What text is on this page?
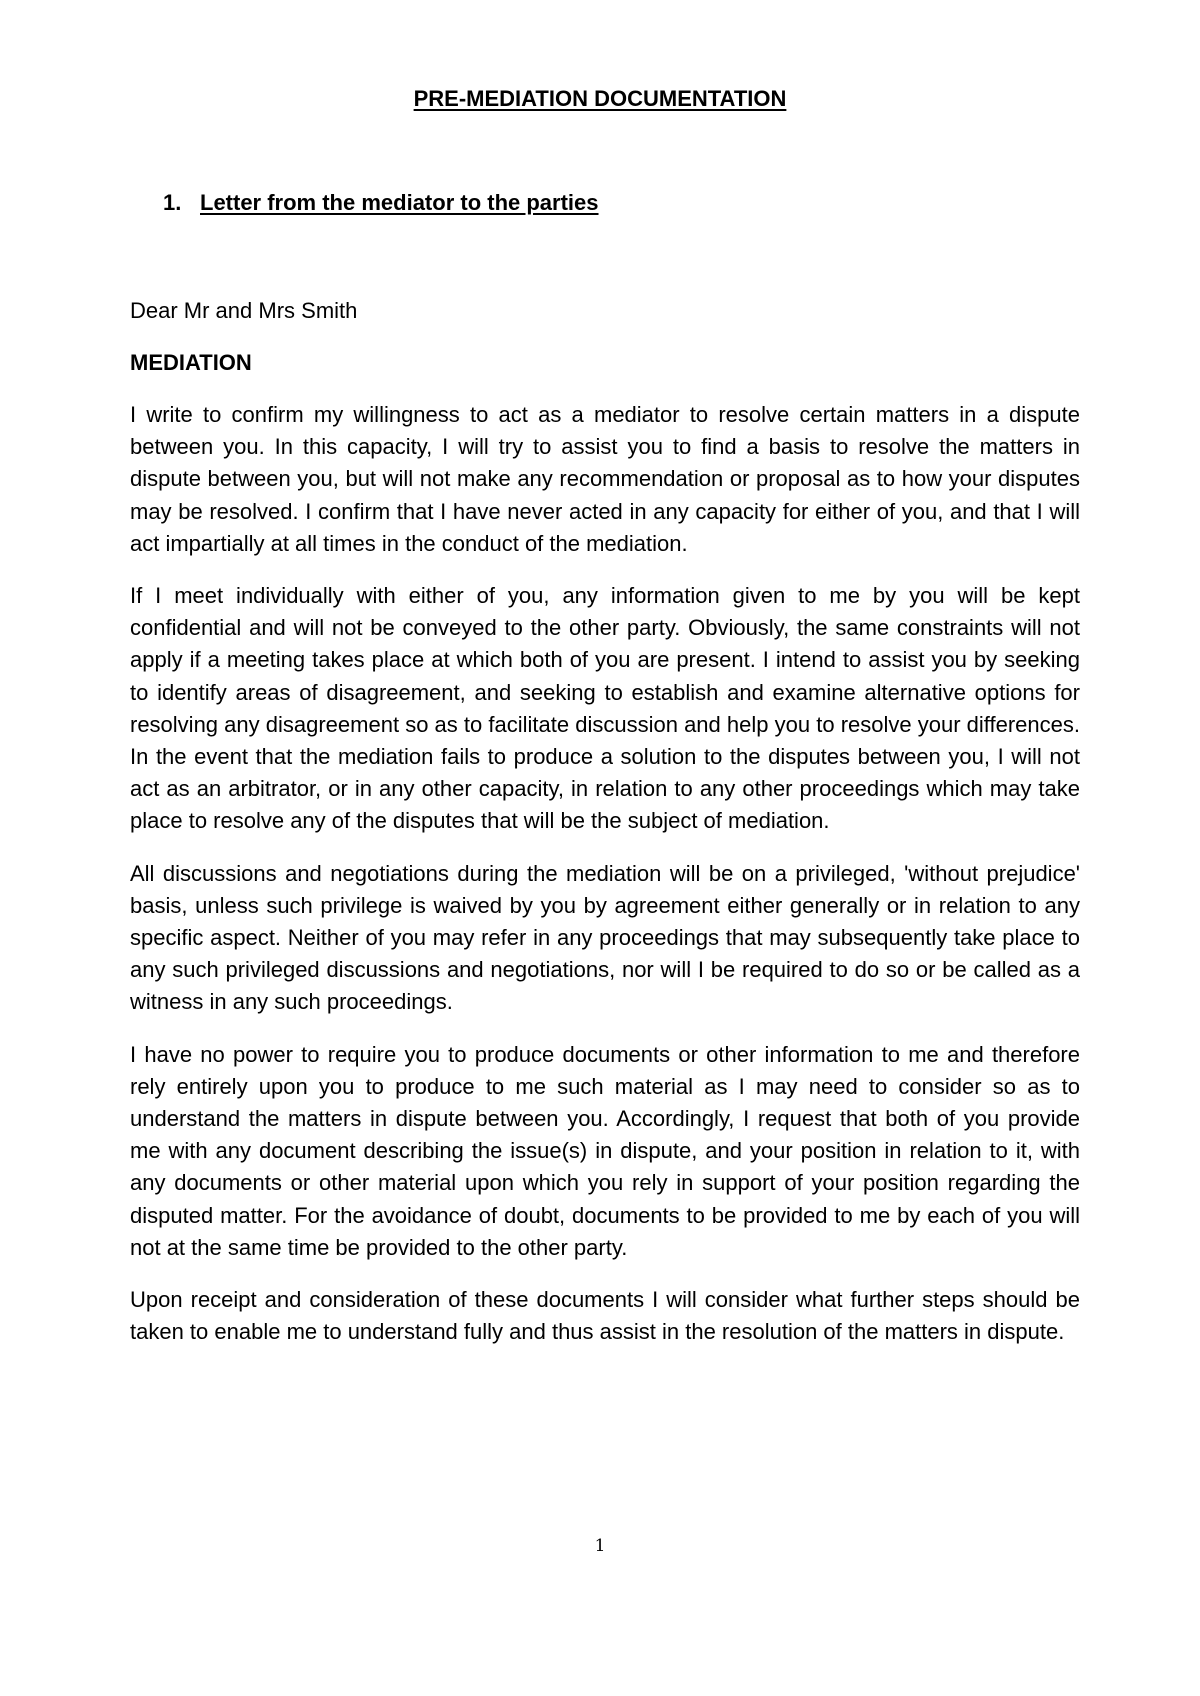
PRE-MEDIATION DOCUMENTATION
1. Letter from the mediator to the parties

Dear Mr and Mrs Smith

MEDIATION

I write to confirm my willingness to act as a mediator to resolve certain matters in a dispute between you. In this capacity, I will try to assist you to find a basis to resolve the matters in dispute between you, but will not make any recommendation or proposal as to how your disputes may be resolved. I confirm that I have never acted in any capacity for either of you, and that I will act impartially at all times in the conduct of the mediation.

If I meet individually with either of you, any information given to me by you will be kept confidential and will not be conveyed to the other party. Obviously, the same constraints will not apply if a meeting takes place at which both of you are present. I intend to assist you by seeking to identify areas of disagreement, and seeking to establish and examine alternative options for resolving any disagreement so as to facilitate discussion and help you to resolve your differences. In the event that the mediation fails to produce a solution to the disputes between you, I will not act as an arbitrator, or in any other capacity, in relation to any other proceedings which may take place to resolve any of the disputes that will be the subject of mediation.

All discussions and negotiations during the mediation will be on a privileged, 'without prejudice' basis, unless such privilege is waived by you by agreement either generally or in relation to any specific aspect. Neither of you may refer in any proceedings that may subsequently take place to any such privileged discussions and negotiations, nor will I be required to do so or be called as a witness in any such proceedings.

I have no power to require you to produce documents or other information to me and therefore rely entirely upon you to produce to me such material as I may need to consider so as to understand the matters in dispute between you. Accordingly, I request that both of you provide me with any document describing the issue(s) in dispute, and your position in relation to it, with any documents or other material upon which you rely in support of your position regarding the disputed matter. For the avoidance of doubt, documents to be provided to me by each of you will not at the same time be provided to the other party.

Upon receipt and consideration of these documents I will consider what further steps should be taken to enable me to understand fully and thus assist in the resolution of the matters in dispute.

1
